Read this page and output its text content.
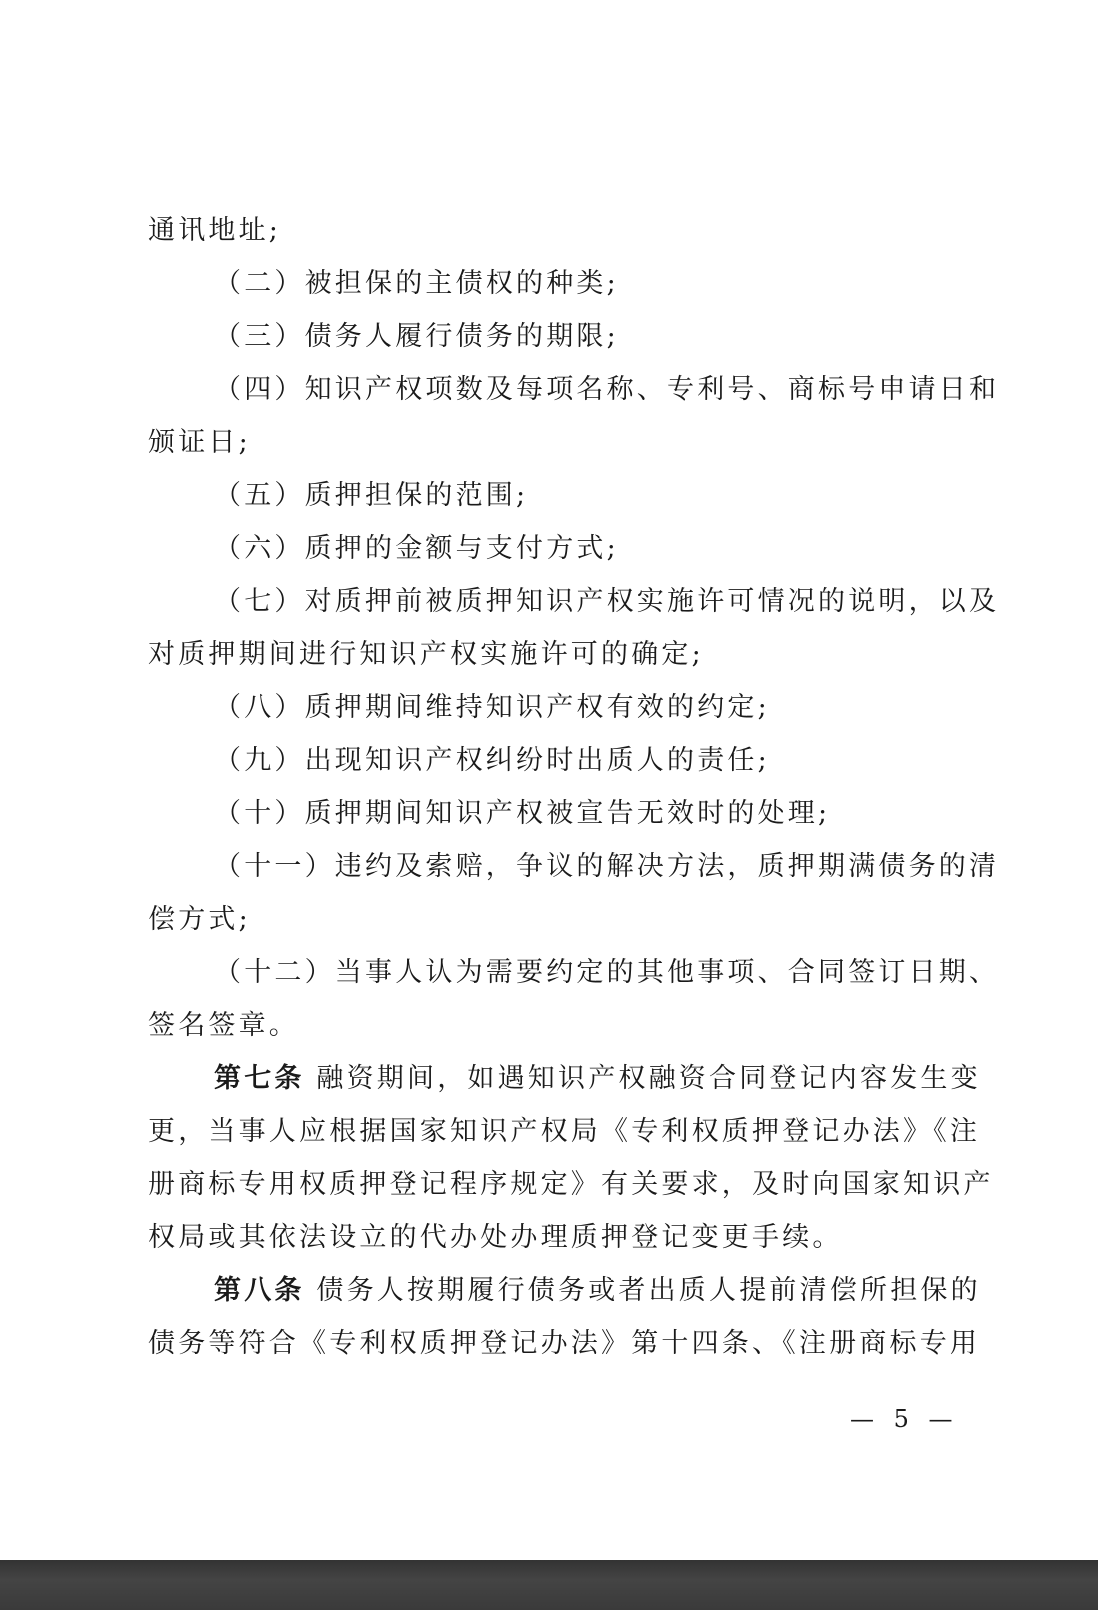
通讯地址;
（二）被担保的主债权的种类;
（三）债务人履行债务的期限;
（四）知识产权项数及每项名称、专利号、商标号申请日和
颁证日;
（五）质押担保的范围;
（六）质押的金额与支付方式;
（七）对质押前被质押知识产权实施许可情况的说明，以及
对质押期间进行知识产权实施许可的确定;
（八）质押期间维持知识产权有效的约定;
（九）出现知识产权纠纷时出质人的责任;
（十）质押期间知识产权被宣告无效时的处理;
（十一）违约及索赔，争议的解决方法，质押期满债务的清
偿方式;
（十二）当事人认为需要约定的其他事项、合同签订日期、
签名签章。
第七条 融资期间，如遇知识产权融资合同登记内容发生变
更，当事人应根据国家知识产权局《专利权质押登记办法》《注
册商标专用权质押登记程序规定》有关要求，及时向国家知识产
权局或其依法设立的代办处办理质押登记变更手续。
第八条 债务人按期履行债务或者出质人提前清偿所担保的
债务等符合《专利权质押登记办法》第十四条、《注册商标专用
— 5 —
